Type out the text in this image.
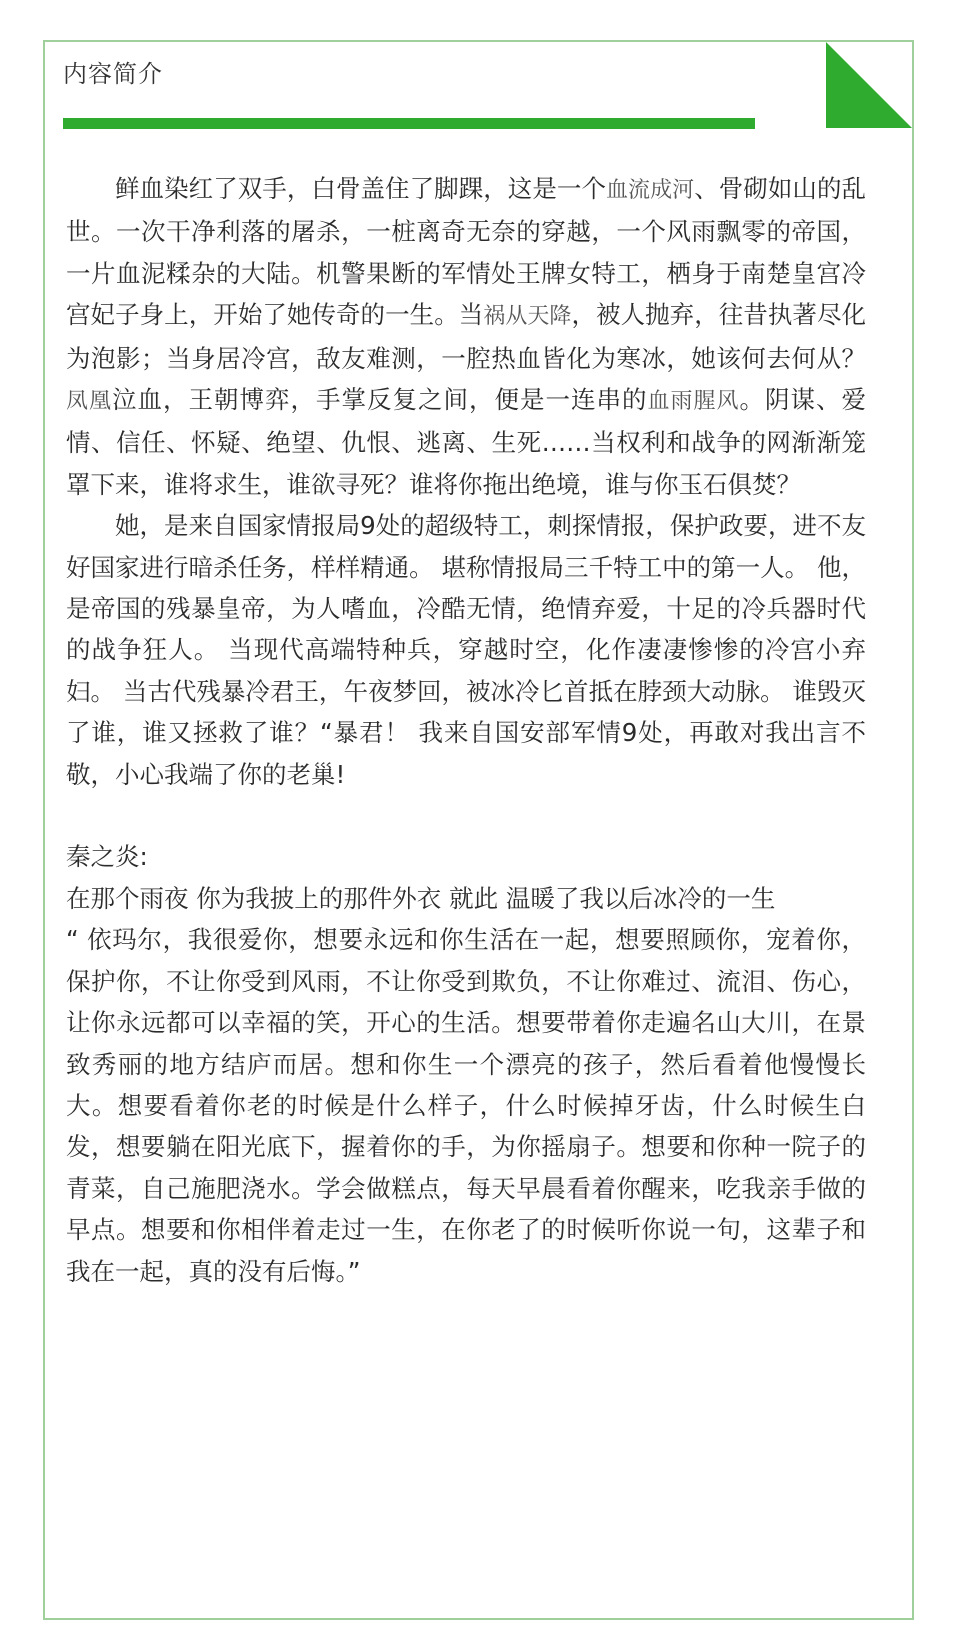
内容简介

鲜血染红了双手，白骨盖住了脚踝，这是一个血流成河、骨砌如山的乱世。一次干净利落的屠杀，一桩离奇无奈的穿越，一个风雨飘零的帝国，一片血泥糅杂的大陆。机警果断的军情处王牌女特工，栖身于南楚皇宫冷宫妃子身上，开始了她传奇的一生。当祸从天降，被人抛弃，往昔执著尽化为泡影；当身居冷宫，敌友难测，一腔热血皆化为寒冰，她该何去何从？凤凰泣血，王朝博弈，手掌反复之间，便是一连串的血雨腥风。阴谋、爱情、信任、怀疑、绝望、仇恨、逃离、生死……当权利和战争的网渐渐笼罩下来，谁将求生，谁欲寻死？谁将你拖出绝境，谁与你玉石俱焚？

她，是来自国家情报局9处的超级特工，刺探情报，保护政要，进不友好国家进行暗杀任务，样样精通。 堪称情报局三千特工中的第一人。 他，是帝国的残暴皇帝，为人嗜血，冷酷无情，绝情弃爱，十足的冷兵器时代的战争狂人。 当现代高端特种兵，穿越时空，化作凄凄惨惨的冷宫小弃妇。 当古代残暴冷君王，午夜梦回，被冰冷匕首抵在脖颈大动脉。 谁毁灭了谁，谁又拯救了谁？“暴君！ 我来自国安部军情9处，再敢对我出言不敬，小心我端了你的老巢!

秦之炎:

在那个雨夜 你为我披上的那件外衣 就此 温暖了我以后冰冷的一生

“ 依玛尔，我很爱你，想要永远和你生活在一起，想要照顾你，宠着你，保护你，不让你受到风雨，不让你受到欺负，不让你难过、流泪、伤心，让你永远都可以幸福的笑，开心的生活。想要带着你走遍名山大川，在景致秀丽的地方结庐而居。想和你生一个漂亮的孩子，然后看着他慢慢长大。想要看着你老的时候是什么样子，什么时候掉牙齿，什么时候生白发，想要躺在阳光底下，握着你的手，为你摇扇子。想要和你种一院子的青菜，自己施肥浇水。学会做糕点，每天早晨看着你醒来，吃我亲手做的早点。想要和你相伴着走过一生，在你老了的时候听你说一句，这辈子和我在一起，真的没有后悔。”
